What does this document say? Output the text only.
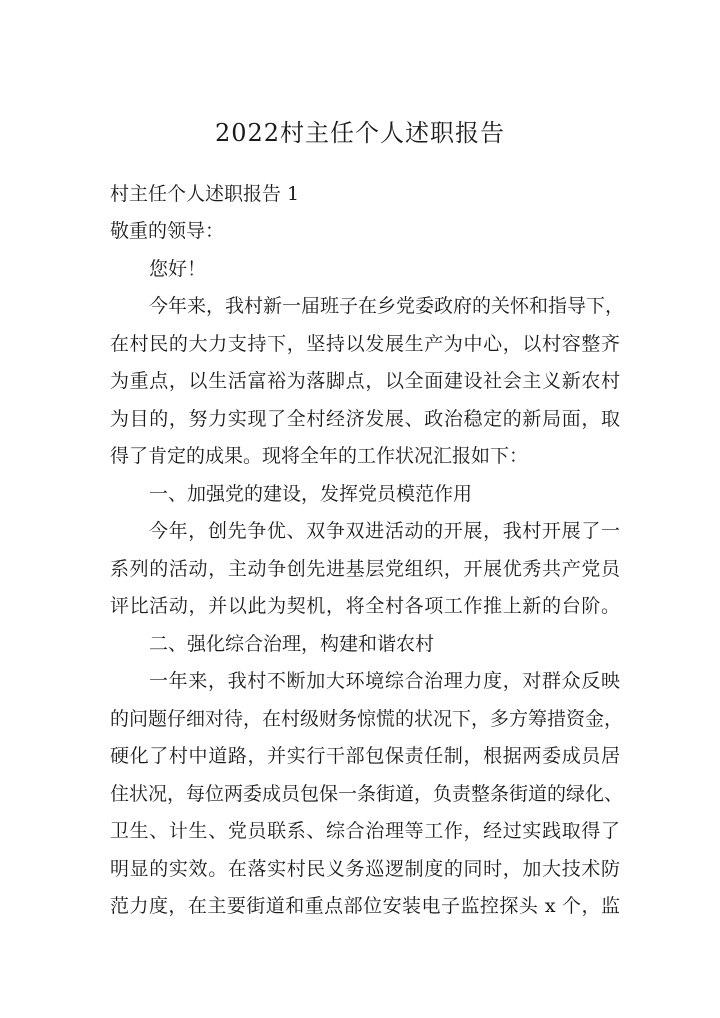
2022村主任个人述职报告
村主任个人述职报告 1
敬重的领导：
您好！
今年来，我村新一届班子在乡党委政府的关怀和指导下，
在村民的大力支持下，坚持以发展生产为中心，以村容整齐
为重点，以生活富裕为落脚点，以全面建设社会主义新农村
为目的，努力实现了全村经济发展、政治稳定的新局面，取
得了肯定的成果。现将全年的工作状况汇报如下：
一、加强党的建设，发挥党员模范作用
今年，创先争优、双争双进活动的开展，我村开展了一
系列的活动，主动争创先进基层党组织，开展优秀共产党员
评比活动，并以此为契机，将全村各项工作推上新的台阶。
二、强化综合治理，构建和谐农村
一年来，我村不断加大环境综合治理力度，对群众反映
的问题仔细对待，在村级财务惊慌的状况下，多方筹措资金，
硬化了村中道路，并实行干部包保责任制，根据两委成员居
住状况，每位两委成员包保一条街道，负责整条街道的绿化、
卫生、计生、党员联系、综合治理等工作，经过实践取得了
明显的实效。在落实村民义务巡逻制度的同时，加大技术防
范力度，在主要街道和重点部位安装电子监控探头 x 个，监
